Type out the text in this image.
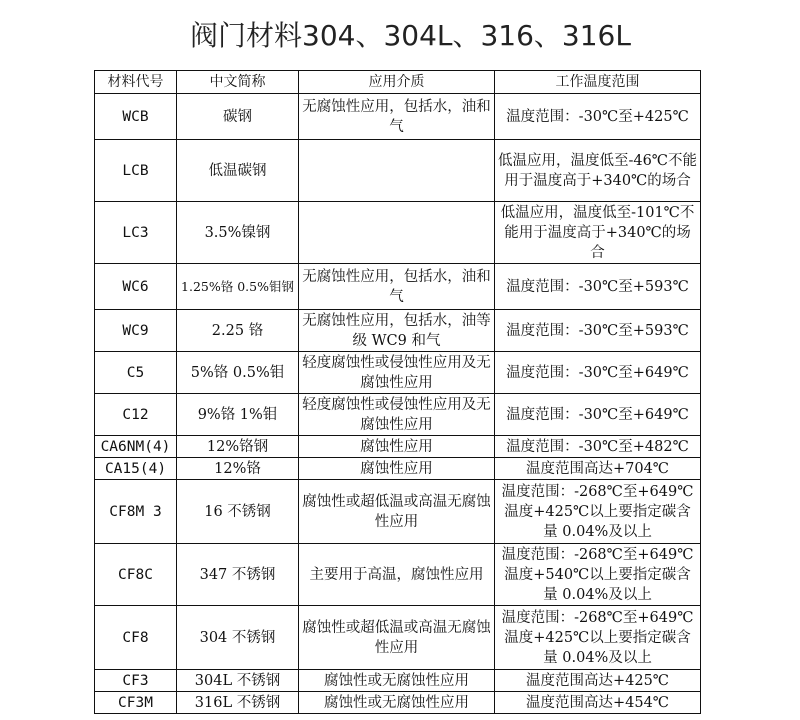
阀门材料304、304L、316、316L
材料代号	中文简称	应用介质	工作温度范围
WCB	碳钢	无腐蚀性应用，包括水，油和气	温度范围：-30℃至+425℃
LCB	低温碳钢		低温应用，温度低至-46℃不能用于温度高于+340℃的场合
LC3	3.5%镍钢		低温应用，温度低至-101℃不能用于温度高于+340℃的场合
WC6	1.25%铬 0.5%钼钢	无腐蚀性应用，包括水，油和气	温度范围：-30℃至+593℃
WC9	2.25 铬	无腐蚀性应用，包括水，油等级 WC9 和气	温度范围：-30℃至+593℃
C5	5%铬 0.5%钼	轻度腐蚀性或侵蚀性应用及无腐蚀性应用	温度范围：-30℃至+649℃
C12	9%铬 1%钼	轻度腐蚀性或侵蚀性应用及无腐蚀性应用	温度范围：-30℃至+649℃
CA6NM(4)	12%铬钢	腐蚀性应用	温度范围：-30℃至+482℃
CA15(4)	12%铬	腐蚀性应用	温度范围高达+704℃
CF8M 3	16 不锈钢	腐蚀性或超低温或高温无腐蚀性应用	温度范围：-268℃至+649℃ 温度+425℃以上要指定碳含量 0.04%及以上
CF8C	347 不锈钢	主要用于高温，腐蚀性应用	温度范围：-268℃至+649℃ 温度+540℃以上要指定碳含量 0.04%及以上
CF8	304 不锈钢	腐蚀性或超低温或高温无腐蚀性应用	温度范围：-268℃至+649℃ 温度+425℃以上要指定碳含量 0.04%及以上
CF3	304L 不锈钢	腐蚀性或无腐蚀性应用	温度范围高达+425℃
CF3M	316L 不锈钢	腐蚀性或无腐蚀性应用	温度范围高达+454℃
